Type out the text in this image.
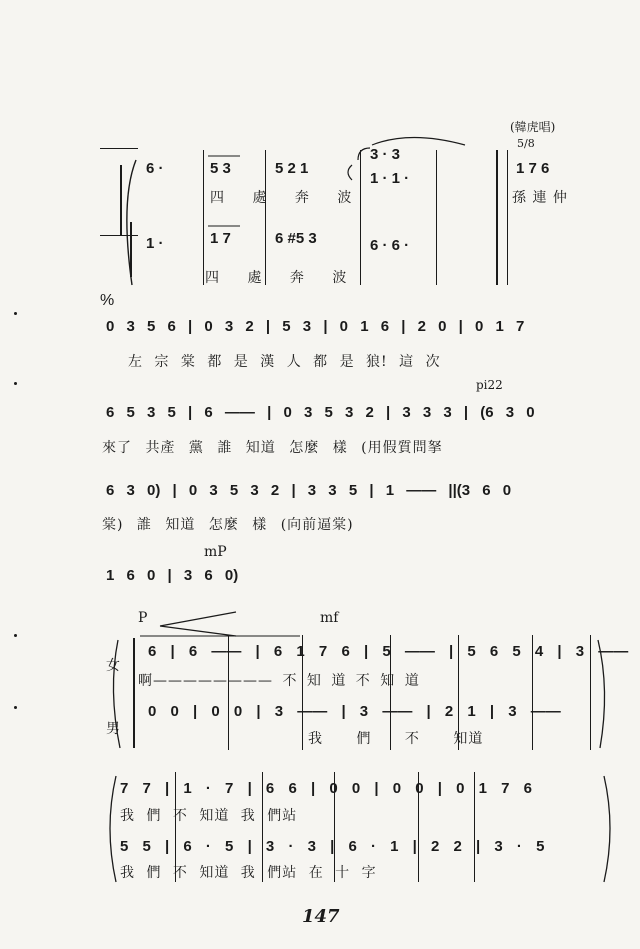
147
(韓虎唱)
5/8
6 ·	5 3	5 2 1
3 · 3
1 · 1 ·
1 7 6
四 處 奔 波	孫 連 仲
1 ·	1 7	6 #5 3	6 · 6 ·
四 處 奔 波
%
0 3 5 6 | 0 3 2 | 5 3 | 0 1 6 | 2 0 | 0 1 7
左 宗 棠 都 是 漢 人 都 是 狼! 這 次
pi22
6 5 3 5 | 6 —— | 0 3 5 3 2 | 3 3 3 | (6 3 0
來了 共產 黨 誰 知道 怎麼 樣 (用假質問拏
6 3 0) | 0 3 5 3 2 | 3 3 5 | 1 —— ||(3 6 0
棠) 誰 知道 怎麼 樣 (向前逼棠)
mP
1 6 0 | 3 6 0)
P	mf
女
男
6 | 6 —— | 6 1 7 6 | 5 —— | 5 6 5 4 | 3 ——
啊———————— 不 知 道 不 知 道
0 0 | 0 0 | 3 —— | 3 —— | 2 1 | 3 ——
我 們 不 知道
7 7 | 1 · 7 | 6 6 | 0 0 | 0 0 | 0 1 7 6
我 們 不 知道 我 們站
5 5 | 6 · 5 | 3 · 3 | 6 · 1 | 2 2 | 3 · 5
我 們 不 知道 我 們站 在 十 字
